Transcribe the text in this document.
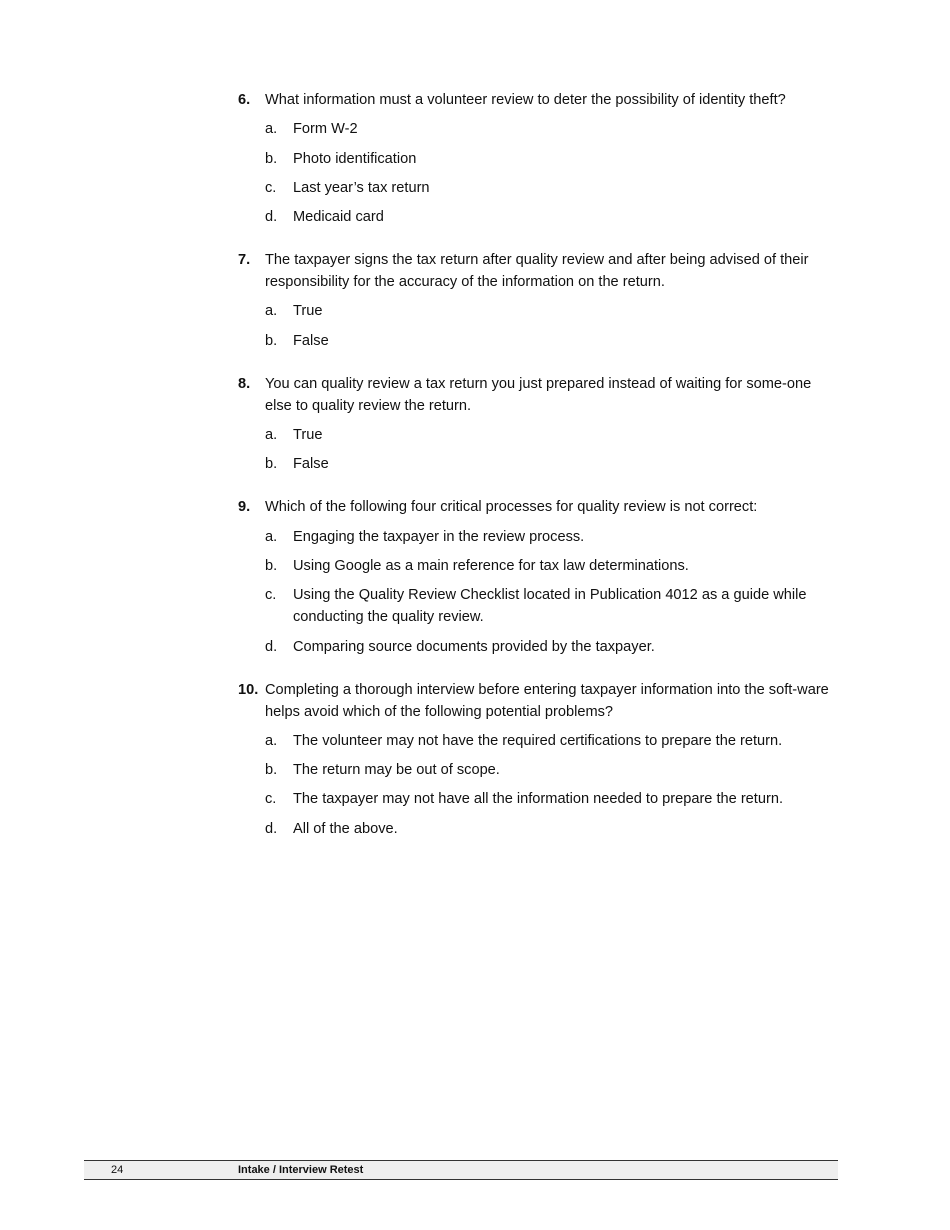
6.	What information must a volunteer review to deter the possibility of identity theft?
a.	Form W-2
b.	Photo identification
c.	Last year’s tax return
d.	Medicaid card
7.	The taxpayer signs the tax return after quality review and after being advised of their responsibility for the accuracy of the information on the return.
a.	True
b.	False
8.	You can quality review a tax return you just prepared instead of waiting for some-one else to quality review the return.
a.	True
b.	False
9.	Which of the following four critical processes for quality review is not correct:
a.	Engaging the taxpayer in the review process.
b.	Using Google as a main reference for tax law determinations.
c.	Using the Quality Review Checklist located in Publication 4012 as a guide while conducting the quality review.
d.	Comparing source documents provided by the taxpayer.
10. Completing a thorough interview before entering taxpayer information into the soft-ware helps avoid which of the following potential problems?
a.	The volunteer may not have the required certifications to prepare the return.
b.	The return may be out of scope.
c.	The taxpayer may not have all the information needed to prepare the return.
d.	All of the above.
24	Intake / Interview Retest
